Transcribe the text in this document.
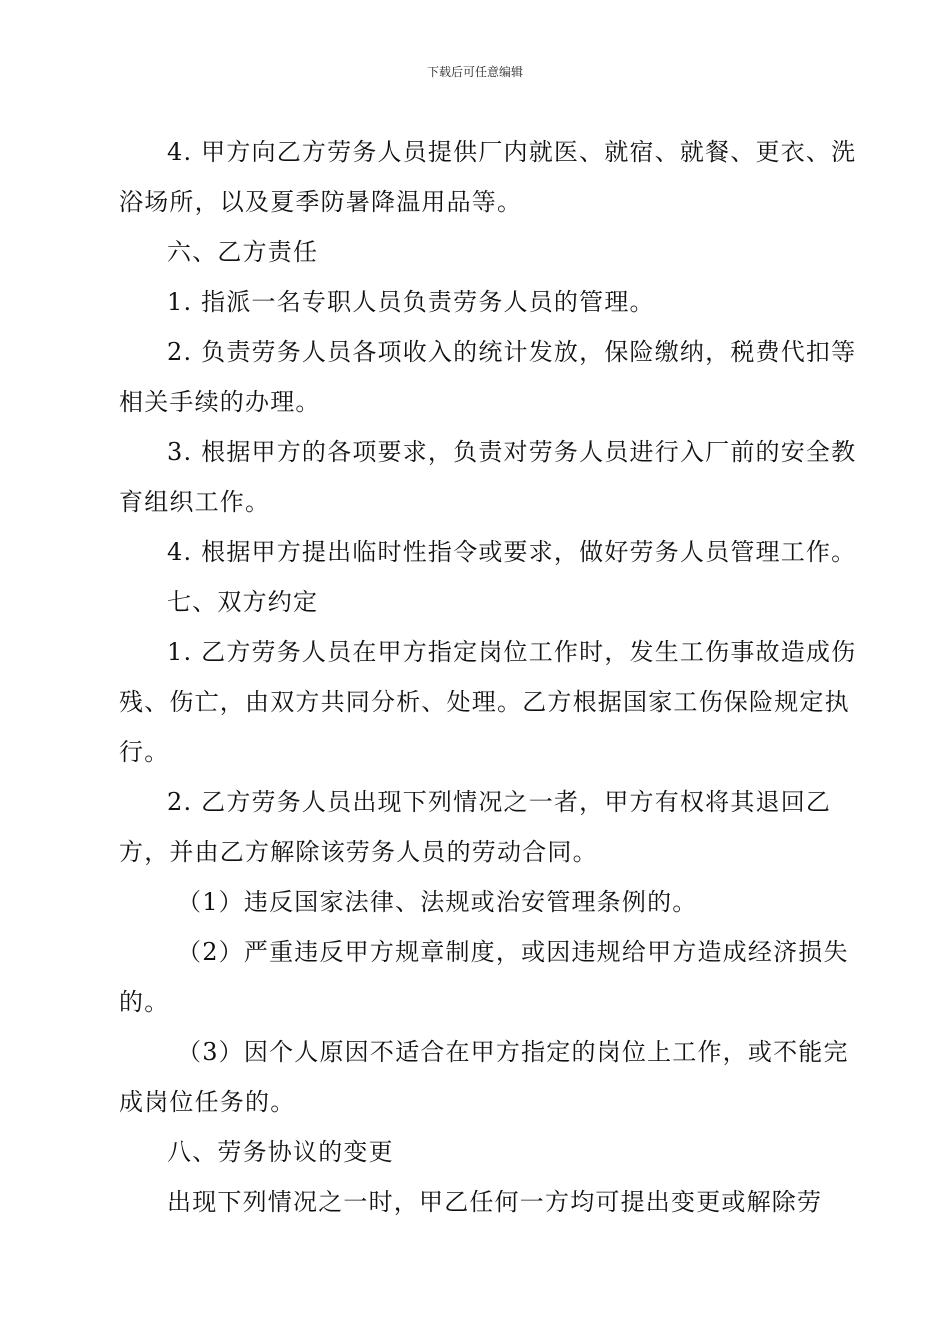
下载后可任意编辑

4. 甲方向乙方劳务人员提供厂内就医、就宿、就餐、更衣、洗浴场所，以及夏季防暑降温用品等。

六、乙方责任

1. 指派一名专职人员负责劳务人员的管理。

2. 负责劳务人员各项收入的统计发放，保险缴纳，税费代扣等相关手续的办理。

3. 根据甲方的各项要求，负责对劳务人员进行入厂前的安全教育组织工作。

4. 根据甲方提出临时性指令或要求，做好劳务人员管理工作。

七、双方约定

1. 乙方劳务人员在甲方指定岗位工作时，发生工伤事故造成伤残、伤亡，由双方共同分析、处理。乙方根据国家工伤保险规定执行。

2. 乙方劳务人员出现下列情况之一者，甲方有权将其退回乙方，并由乙方解除该劳务人员的劳动合同。

（1）违反国家法律、法规或治安管理条例的。

（2）严重违反甲方规章制度，或因违规给甲方造成经济损失的。

（3）因个人原因不适合在甲方指定的岗位上工作，或不能完成岗位任务的。

八、劳务协议的变更

出现下列情况之一时，甲乙任何一方均可提出变更或解除劳
